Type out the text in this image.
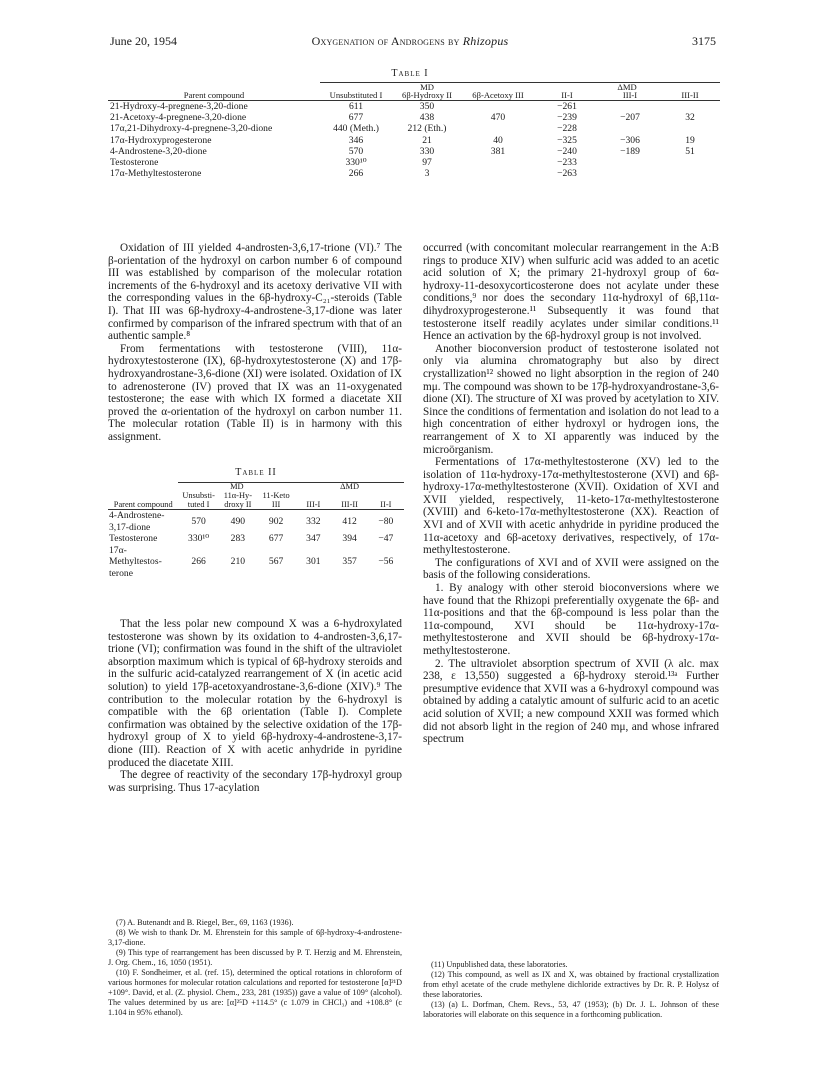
June 20, 1954	Oxygenation of Androgens by Rhizopus	3175
Table I
	MD			ΔMD		
Parent compound	Unsubstituted I	6β-Hydroxy II	6β-Acetoxy III	II-I	III-I	III-II
21-Hydroxy-4-pregnene-3,20-dione	611	350		−261		
21-Acetoxy-4-pregnene-3,20-dione	677	438	470	−239	−207	32
17α,21-Dihydroxy-4-pregnene-3,20-dione	440 (Meth.)	212 (Eth.)		−228		
17α-Hydroxyprogesterone	346	21	40	−325	−306	19
4-Androstene-3,20-dione	570	330	381	−240	−189	51
Testosterone	330¹⁰	97		−233		
17α-Methyltestosterone	266	3		−263		

Oxidation of III yielded 4-androsten-3,6,17-trione (VI).⁷ The β-orientation of the hydroxyl on carbon number 6 of compound III was established by comparison of the molecular rotation increments of the 6-hydroxyl and its acetoxy derivative VII with the corresponding values in the 6β-hydroxy-C₂₁-steroids (Table I). That III was 6β-hydroxy-4-androstene-3,17-dione was later confirmed by comparison of the infrared spectrum with that of an authentic sample.⁸

From fermentations with testosterone (VIII), 11α-hydroxytestosterone (IX), 6β-hydroxytestosterone (X) and 17β-hydroxyandrostane-3,6-dione (XI) were isolated. Oxidation of IX to adrenosterone (IV) proved that IX was an 11-oxygenated testosterone; the ease with which IX formed a diacetate XII proved the α-orientation of the hydroxyl on carbon number 11. The molecular rotation (Table II) is in harmony with this assignment.

Table II
	MD			ΔMD		
Parent compound	Unsubsti-tuted I	11α-Hy-droxy II	11-Keto III	III-I	III-II	II-I
4-Androstene-3,17-dione	570	490	902	332	412	−80
Testosterone	330¹⁰	283	677	347	394	−47
17α-Methyltestos-terone	266	210	567	301	357	−56

That the less polar new compound X was a 6-hydroxylated testosterone was shown by its oxidation to 4-androsten-3,6,17-trione (VI); confirmation was found in the shift of the ultraviolet absorption maximum which is typical of 6β-hydroxy steroids and in the sulfuric acid-catalyzed rearrangement of X (in acetic acid solution) to yield 17β-acetoxyandrostane-3,6-dione (XIV).⁹ The contribution to the molecular rotation by the 6-hydroxyl is compatible with the 6β orientation (Table I). Complete confirmation was obtained by the selective oxidation of the 17β-hydroxyl group of X to yield 6β-hydroxy-4-androstene-3,17-dione (III). Reaction of X with acetic anhydride in pyridine produced the diacetate XIII.

The degree of reactivity of the secondary 17β-hydroxyl group was surprising. Thus 17-acylation

(7) A. Butenandt and B. Riegel, Ber., 69, 1163 (1936).

(8) We wish to thank Dr. M. Ehrenstein for this sample of 6β-hydroxy-4-androstene-3,17-dione.

(9) This type of rearrangement has been discussed by P. T. Herzig and M. Ehrenstein, J. Org. Chem., 16, 1050 (1951).

(10) F. Sondheimer, et al. (ref. 15), determined the optical rotations in chloroform of various hormones for molecular rotation calculations and reported for testosterone [α]²¹D +109°. David, et al. (Z. physiol. Chem., 233, 281 (1935)) gave a value of 109° (alcohol). The values determined by us are: [α]²⁵D +114.5° (c 1.079 in CHCl₃) and +108.8° (c 1.104 in 95% ethanol).

occurred (with concomitant molecular rearrangement in the A:B rings to produce XIV) when sulfuric acid was added to an acetic acid solution of X; the primary 21-hydroxyl group of 6α-hydroxy-11-desoxycorticosterone does not acylate under these conditions,⁹ nor does the secondary 11α-hydroxyl of 6β,11α-dihydroxyprogesterone.¹¹ Subsequently it was found that testosterone itself readily acylates under similar conditions.¹¹ Hence an activation by the 6β-hydroxyl group is not involved.

Another bioconversion product of testosterone isolated not only via alumina chromatography but also by direct crystallization¹² showed no light absorption in the region of 240 mμ. The compound was shown to be 17β-hydroxyandrostane-3,6-dione (XI). The structure of XI was proved by acetylation to XIV. Since the conditions of fermentation and isolation do not lead to a high concentration of either hydroxyl or hydrogen ions, the rearrangement of X to XI apparently was induced by the microörganism.

Fermentations of 17α-methyltestosterone (XV) led to the isolation of 11α-hydroxy-17α-methyltestosterone (XVI) and 6β-hydroxy-17α-methyltestosterone (XVII). Oxidation of XVI and XVII yielded, respectively, 11-keto-17α-methyltestosterone (XVIII) and 6-keto-17α-methyltestosterone (XX). Reaction of XVI and of XVII with acetic anhydride in pyridine produced the 11α-acetoxy and 6β-acetoxy derivatives, respectively, of 17α-methyltestosterone.

The configurations of XVI and of XVII were assigned on the basis of the following considerations.

1. By analogy with other steroid bioconversions where we have found that the Rhizopi preferentially oxygenate the 6β- and 11α-positions and that the 6β-compound is less polar than the 11α-compound, XVI should be 11α-hydroxy-17α-methyltestosterone and XVII should be 6β-hydroxy-17α-methyltestosterone.

2. The ultraviolet absorption spectrum of XVII (λ alc. max 238, ε 13,550) suggested a 6β-hydroxy steroid.¹³ᵃ Further presumptive evidence that XVII was a 6-hydroxyl compound was obtained by adding a catalytic amount of sulfuric acid to an acetic acid solution of XVII; a new compound XXII was formed which did not absorb light in the region of 240 mμ, and whose infrared spectrum

(11) Unpublished data, these laboratories.

(12) This compound, as well as IX and X, was obtained by fractional crystallization from ethyl acetate of the crude methylene dichloride extractives by Dr. R. P. Holysz of these laboratories.

(13) (a) L. Dorfman, Chem. Revs., 53, 47 (1953); (b) Dr. J. L. Johnson of these laboratories will elaborate on this sequence in a forthcoming publication.
